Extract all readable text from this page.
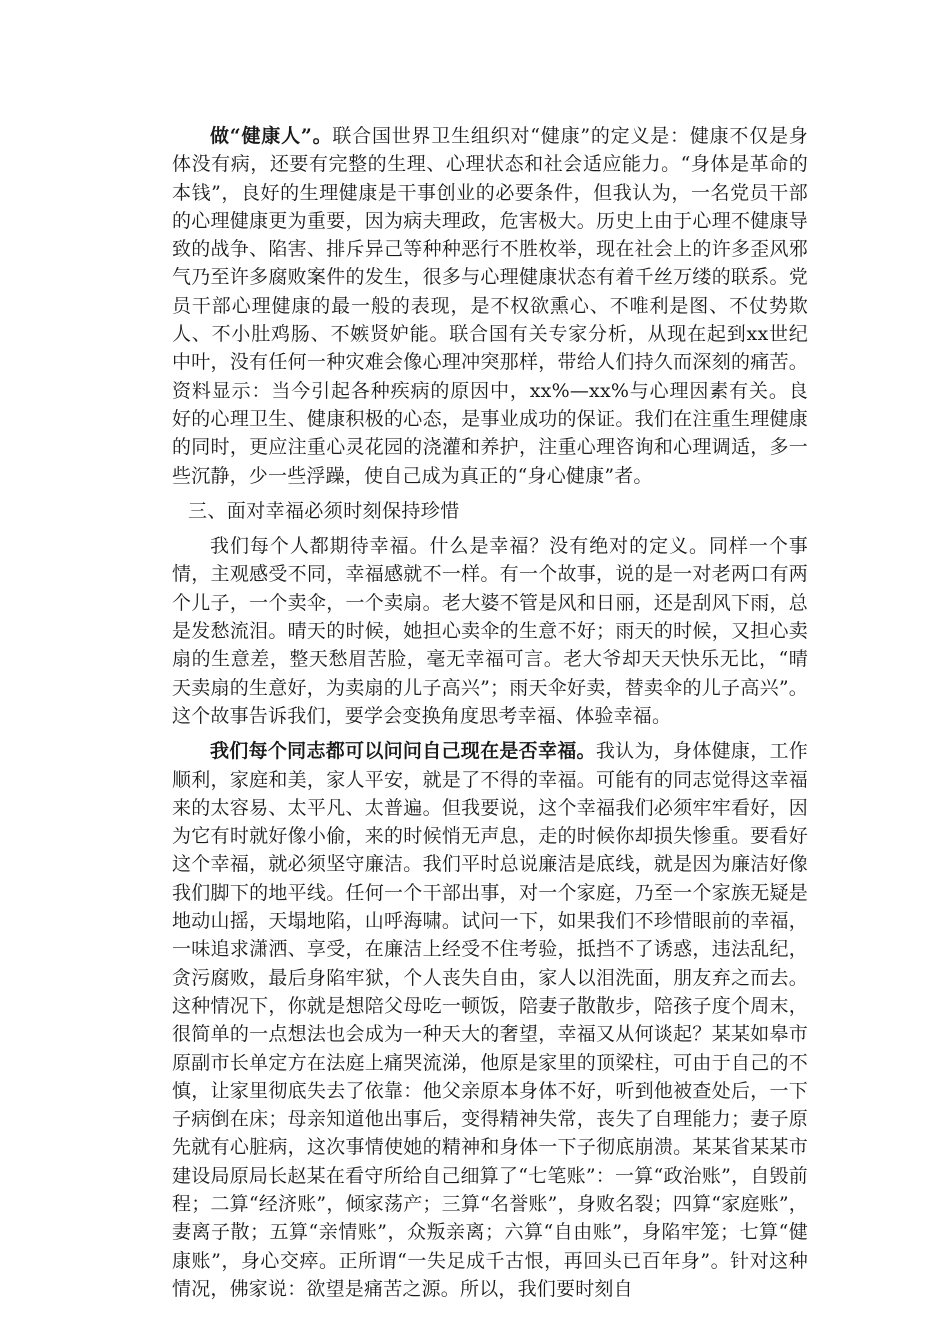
做“健康人”。联合国世界卫生组织对“健康”的定义是：健康不仅是身体没有病，还要有完整的生理、心理状态和社会适应能力。“身体是革命的本钱”，良好的生理健康是干事创业的必要条件，但我认为，一名党员干部的心理健康更为重要，因为病夫理政，危害极大。历史上由于心理不健康导致的战争、陷害、排斥异己等种种恶行不胜枚举，现在社会上的许多歪风邪气乃至许多腐败案件的发生，很多与心理健康状态有着千丝万缕的联系。党员干部心理健康的最一般的表现，是不权欲熏心、不唯利是图、不仗势欺人、不小肚鸡肠、不嫉贤妒能。联合国有关专家分析，从现在起到xx世纪中叶，没有任何一种灾难会像心理冲突那样，带给人们持久而深刻的痛苦。资料显示：当今引起各种疾病的原因中，xx%—xx%与心理因素有关。良好的心理卫生、健康积极的心态，是事业成功的保证。我们在注重生理健康的同时，更应注重心灵花园的浇灌和养护，注重心理咨询和心理调适，多一些沉静，少一些浮躁，使自己成为真正的“身心健康”者。

三、面对幸福必须时刻保持珍惜

我们每个人都期待幸福。什么是幸福？没有绝对的定义。同样一个事情，主观感受不同，幸福感就不一样。有一个故事，说的是一对老两口有两个儿子，一个卖伞，一个卖扇。老大婆不管是风和日丽，还是刮风下雨，总是发愁流泪。晴天的时候，她担心卖伞的生意不好；雨天的时候，又担心卖扇的生意差，整天愁眉苦脸，毫无幸福可言。老大爷却天天快乐无比，“晴天卖扇的生意好，为卖扇的儿子高兴”；雨天伞好卖，替卖伞的儿子高兴”。这个故事告诉我们，要学会变换角度思考幸福、体验幸福。

我们每个同志都可以问问自己现在是否幸福。我认为，身体健康，工作顺利，家庭和美，家人平安，就是了不得的幸福。可能有的同志觉得这幸福来的太容易、太平凡、太普遍。但我要说，这个幸福我们必须牢牢看好，因为它有时就好像小偷，来的时候悄无声息，走的时候你却损失惨重。要看好这个幸福，就必须坚守廉洁。我们平时总说廉洁是底线，就是因为廉洁好像我们脚下的地平线。任何一个干部出事，对一个家庭，乃至一个家族无疑是地动山摇，天塌地陷，山呼海啸。试问一下，如果我们不珍惜眼前的幸福，一味追求潇洒、享受，在廉洁上经受不住考验，抵挡不了诱惑，违法乱纪，贪污腐败，最后身陷牢狱，个人丧失自由，家人以泪洗面，朋友弃之而去。这种情况下，你就是想陪父母吃一顿饭，陪妻子散散步，陪孩子度个周末，很简单的一点想法也会成为一种天大的奢望，幸福又从何谈起？某某如皋市原副市长单定方在法庭上痛哭流涕，他原是家里的顶梁柱，可由于自己的不慎，让家里彻底失去了依靠：他父亲原本身体不好，听到他被查处后，一下子病倒在床；母亲知道他出事后，变得精神失常，丧失了自理能力；妻子原先就有心脏病，这次事情使她的精神和身体一下子彻底崩溃。某某省某某市建设局原局长赵某在看守所给自己细算了“七笔账”：一算“政治账”，自毁前程；二算“经济账”，倾家荡产；三算“名誉账”，身败名裂；四算“家庭账”，妻离子散；五算“亲情账”，众叛亲离；六算“自由账”，身陷牢笼；七算“健康账”，身心交瘁。正所谓“一失足成千古恨，再回头已百年身”。针对这种情况，佛家说：欲望是痛苦之源。所以，我们要时刻自
